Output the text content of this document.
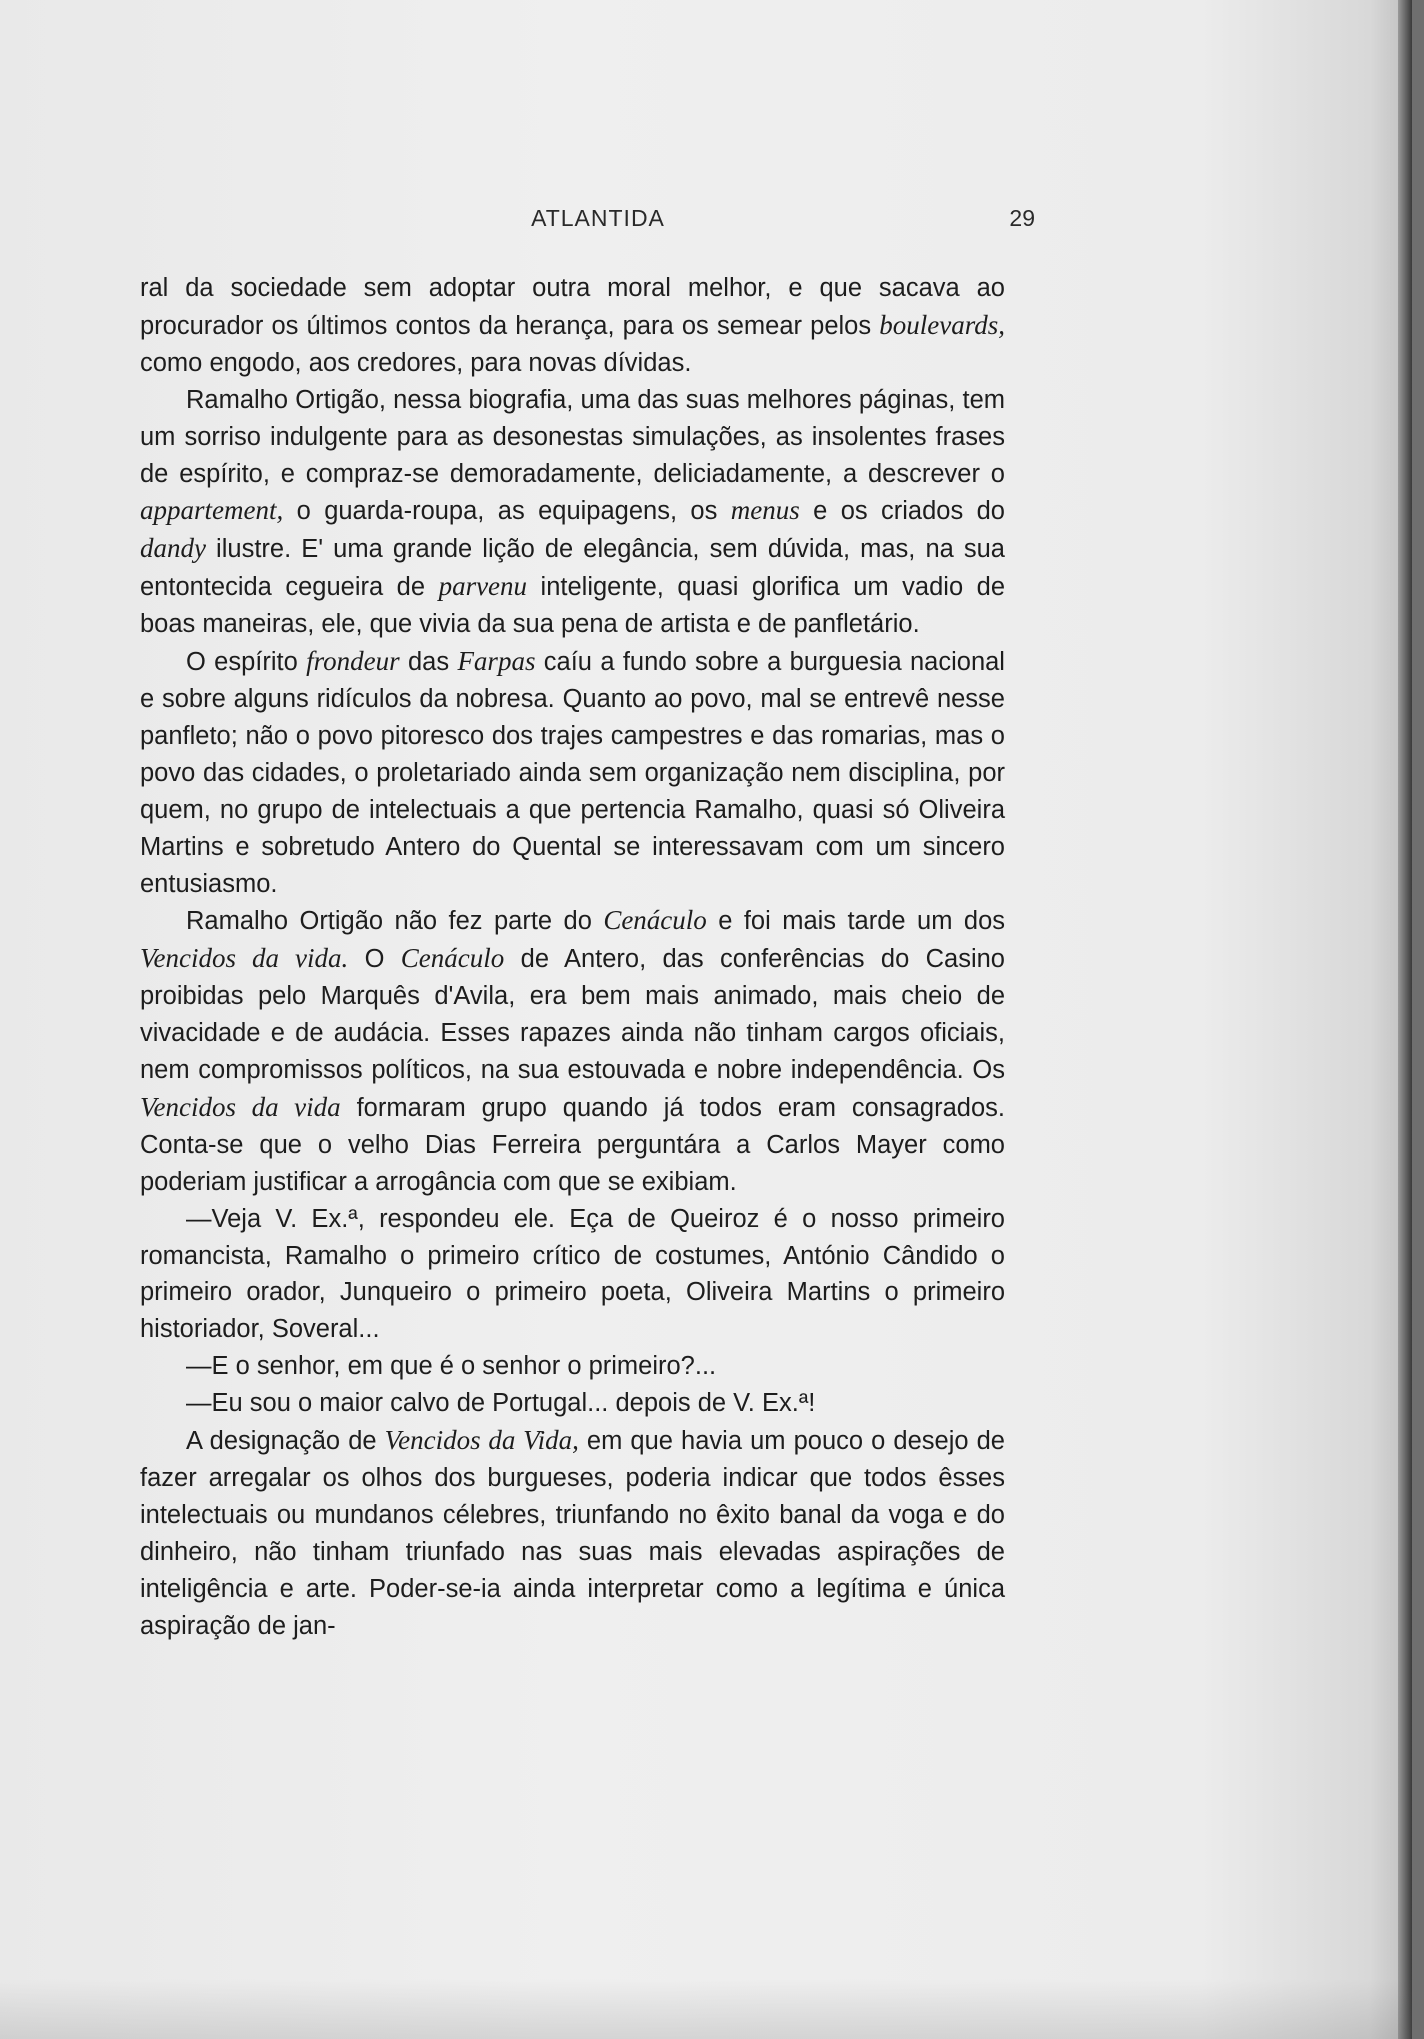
ATLANTIDA	29

ral da sociedade sem adoptar outra moral melhor, e que sacava ao procurador os últimos contos da herança, para os semear pelos boulevards, como engodo, aos credores, para novas dívidas.

Ramalho Ortigão, nessa biografia, uma das suas melhores páginas, tem um sorriso indulgente para as desonestas simulações, as insolentes frases de espírito, e compraz-se demoradamente, deliciadamente, a descrever o appartement, o guarda-roupa, as equipagens, os menus e os criados do dandy ilustre. E' uma grande lição de elegância, sem dúvida, mas, na sua entontecida cegueira de parvenu inteligente, quasi glorifica um vadio de boas maneiras, ele, que vivia da sua pena de artista e de panfletário.

O espírito frondeur das Farpas caíu a fundo sobre a burguesia nacional e sobre alguns ridículos da nobresa. Quanto ao povo, mal se entrevê nesse panfleto; não o povo pitoresco dos trajes campestres e das romarias, mas o povo das cidades, o proletariado ainda sem organização nem disciplina, por quem, no grupo de intelectuais a que pertencia Ramalho, quasi só Oliveira Martins e sobretudo Antero do Quental se interessavam com um sincero entusiasmo.

Ramalho Ortigão não fez parte do Cenáculo e foi mais tarde um dos Vencidos da vida. O Cenáculo de Antero, das conferências do Casino proibidas pelo Marquês d'Avila, era bem mais animado, mais cheio de vivacidade e de audácia. Esses rapazes ainda não tinham cargos oficiais, nem compromissos políticos, na sua estouvada e nobre independência. Os Vencidos da vida formaram grupo quando já todos eram consagrados. Conta-se que o velho Dias Ferreira perguntára a Carlos Mayer como poderiam justificar a arrogância com que se exibiam.

—Veja V. Ex.ª, respondeu ele. Eça de Queiroz é o nosso primeiro romancista, Ramalho o primeiro crítico de costumes, António Cândido o primeiro orador, Junqueiro o primeiro poeta, Oliveira Martins o primeiro historiador, Soveral...

—E o senhor, em que é o senhor o primeiro?...

—Eu sou o maior calvo de Portugal... depois de V. Ex.ª!

A designação de Vencidos da Vida, em que havia um pouco o desejo de fazer arregalar os olhos dos burgueses, poderia indicar que todos êsses intelectuais ou mundanos célebres, triunfando no êxito banal da voga e do dinheiro, não tinham triunfado nas suas mais elevadas aspirações de inteligência e arte. Poder-se-ia ainda interpretar como a legítima e única aspiração de jan-
